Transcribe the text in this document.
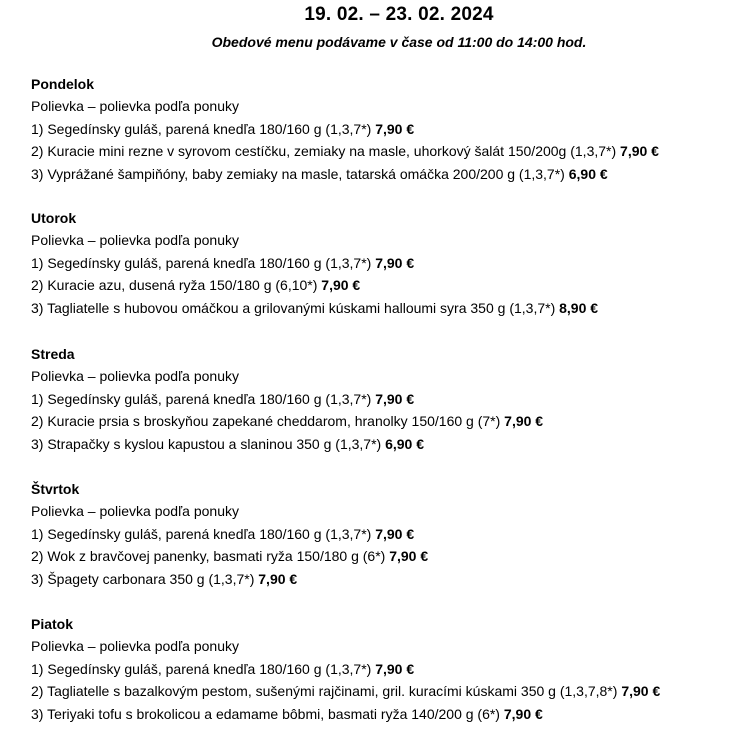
19. 02. – 23. 02. 2024
Obedové menu podávame v čase od 11:00 do 14:00 hod.
Pondelok
Polievka – polievka podľa ponuky
1) Segedínsky guláš, parená knedľa 180/160 g (1,3,7*) 7,90 €
2) Kuracie mini rezne v syrovom cestíčku, zemiaky na masle, uhorkový šalát 150/200g (1,3,7*) 7,90 €
3) Vyprážané šampiňóny, baby zemiaky na masle, tatarská omáčka 200/200 g (1,3,7*) 6,90 €
Utorok
Polievka – polievka podľa ponuky
1) Segedínsky guláš, parená knedľa 180/160 g (1,3,7*) 7,90 €
2) Kuracie azu, dusená ryža 150/180 g (6,10*) 7,90 €
3) Tagliatelle s hubovou omáčkou a grilovanými kúskami halloumi syra 350 g (1,3,7*) 8,90 €
Streda
Polievka – polievka podľa ponuky
1) Segedínsky guláš, parená knedľa 180/160 g (1,3,7*) 7,90 €
2) Kuracie prsia s broskyňou zapekané cheddarom, hranolky 150/160 g (7*) 7,90 €
3) Strapačky s kyslou kapustou a slaninou 350 g (1,3,7*) 6,90 €
Štvrtok
Polievka – polievka podľa ponuky
1) Segedínsky guláš, parená knedľa 180/160 g (1,3,7*) 7,90 €
2) Wok z bravčovej panenky, basmati ryža 150/180 g (6*) 7,90 €
3) Špagety carbonara 350 g (1,3,7*) 7,90 €
Piatok
Polievka – polievka podľa ponuky
1) Segedínsky guláš, parená knedľa 180/160 g (1,3,7*) 7,90 €
2) Tagliatelle s bazalkovým pestom, sušenými rajčinami, gril. kuracími kúskami 350 g (1,3,7,8*) 7,90 €
3) Teriyaki tofu s brokolicou a edamame bôbmi, basmati ryža 140/200 g (6*) 7,90 €
